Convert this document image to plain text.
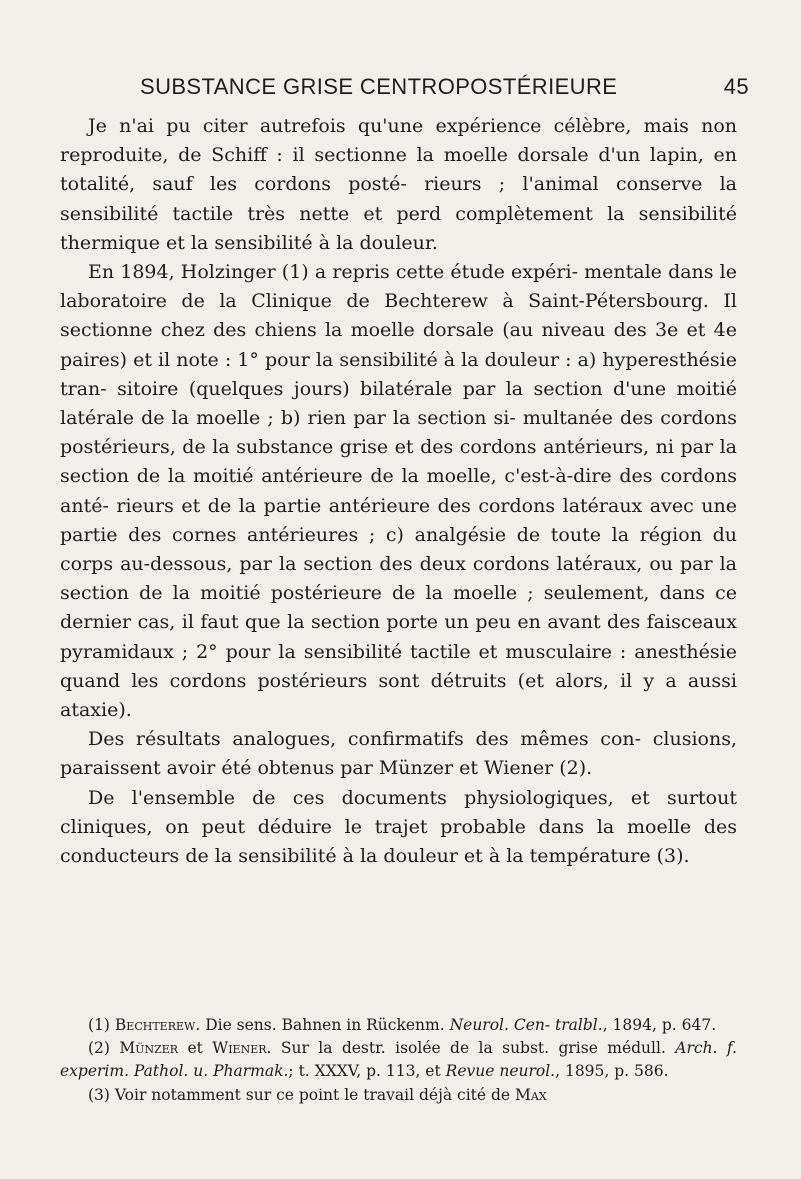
SUBSTANCE GRISE CENTROPOSTÉRIEURE	45

Je n'ai pu citer autrefois qu'une expérience célèbre, mais non reproduite, de Schiff : il sectionne la moelle dorsale d'un lapin, en totalité, sauf les cordons posté- rieurs ; l'animal conserve la sensibilité tactile très nette et perd complètement la sensibilité thermique et la sensibilité à la douleur.

En 1894, Holzinger (1) a repris cette étude expéri- mentale dans le laboratoire de la Clinique de Bechterew à Saint-Pétersbourg. Il sectionne chez des chiens la moelle dorsale (au niveau des 3e et 4e paires) et il note : 1° pour la sensibilité à la douleur : a) hyperesthésie tran- sitoire (quelques jours) bilatérale par la section d'une moitié latérale de la moelle ; b) rien par la section si- multanée des cordons postérieurs, de la substance grise et des cordons antérieurs, ni par la section de la moitié antérieure de la moelle, c'est-à-dire des cordons anté- rieurs et de la partie antérieure des cordons latéraux avec une partie des cornes antérieures ; c) analgésie de toute la région du corps au-dessous, par la section des deux cordons latéraux, ou par la section de la moitié postérieure de la moelle ; seulement, dans ce dernier cas, il faut que la section porte un peu en avant des faisceaux pyramidaux ; 2° pour la sensibilité tactile et musculaire : anesthésie quand les cordons postérieurs sont détruits (et alors, il y a aussi ataxie).

Des résultats analogues, confirmatifs des mêmes con- clusions, paraissent avoir été obtenus par Münzer et Wiener (2).

De l'ensemble de ces documents physiologiques, et surtout cliniques, on peut déduire le trajet probable dans la moelle des conducteurs de la sensibilité à la douleur et à la température (3).

(1) Bechterew. Die sens. Bahnen in Rückenm. Neurol. Cen- tralbl., 1894, p. 647.

(2) Münzer et Wiener. Sur la destr. isolée de la subst. grise médull. Arch. f. experim. Pathol. u. Pharmak.; t. XXXV, p. 113, et Revue neurol., 1895, p. 586.

(3) Voir notamment sur ce point le travail déjà cité de Max
